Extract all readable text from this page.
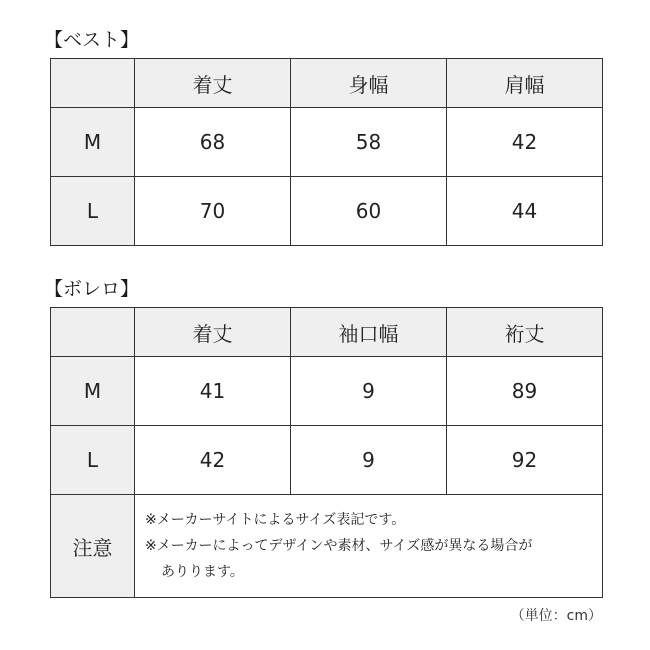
【ベスト】
	着丈	身幅	肩幅
M	68	58	42
L	70	60	44
【ボレロ】
	着丈	袖口幅	裄丈
M	41	9	89
L	42	9	92
注意	※メーカーサイトによるサイズ表記です。
※メーカーによってデザインや素材、サイズ感が異なる場合が
ありります。		
（単位：cm）
